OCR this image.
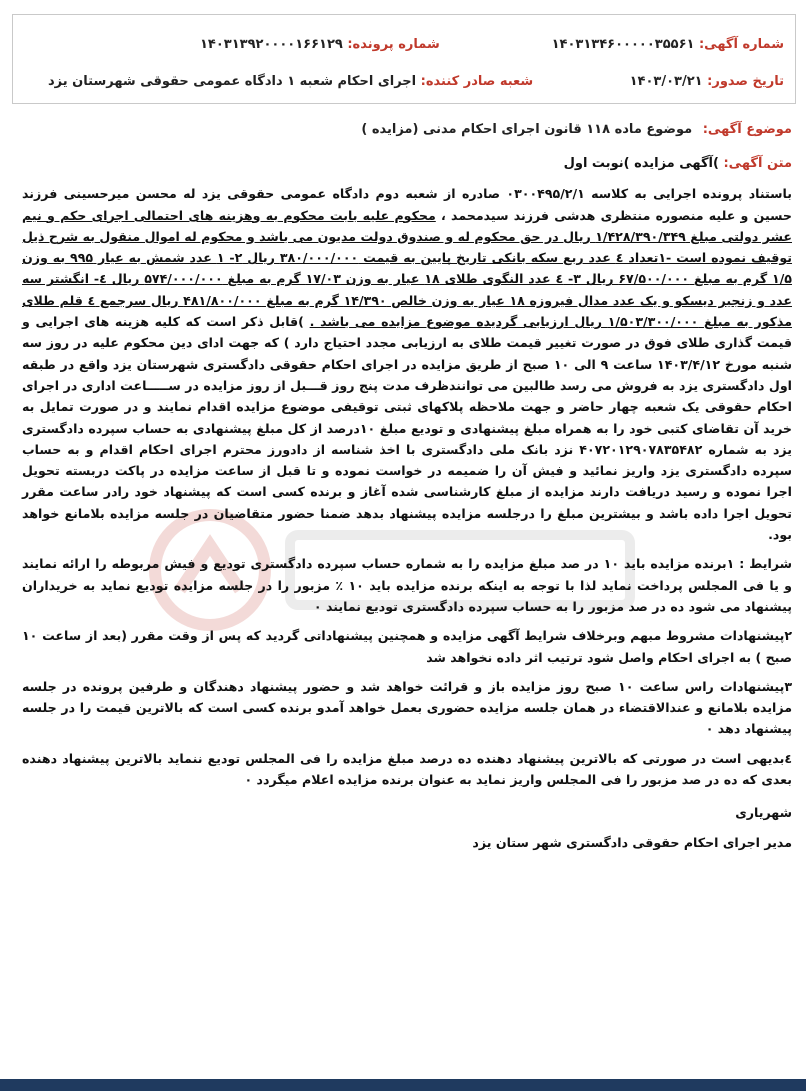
شماره آگهی: ۱۴۰۳۱۳۴۶۰۰۰۰۰۳۵۵۶۱
شماره پرونده: ۱۴۰۳۱۳۹۲۰۰۰۰۱۶۶۱۲۹
تاریخ صدور: ۱۴۰۳/۰۳/۲۱
شعبه صادر کننده: اجرای احکام شعبه ۱ دادگاه عمومی حقوقی شهرستان یزد
موضوع آگهی: موضوع ماده ۱۱۸ قانون اجرای احکام مدنی (مزایده )

متن آگهی: )آگهی مزایده )نوبت اول

باستناد پرونده اجرایی به کلاسه ۰۳۰۰۴۹۵/۲/۱ صادره از شعبه دوم دادگاه عمومی حقوقی یزد له محسن میرحسینی فرزند حسین و علیه منصوره منتظری هدشی فرزند سیدمحمد ، محکوم علیه بابت محکوم به وهزینه های احتمالی اجرای حکم و نیم عشر دولتی مبلغ ۱/۴۲۸/۳۹۰/۳۴۹ ریال در حق محکوم له و صندوق دولت مدیون می باشد و محکوم له اموال منقول به شرح ذیل توقیف نموده است -۱تعداد ٤ عدد ربع سکه بانکی تاریخ پایین به قیمت ۳۸۰/۰۰۰/۰۰۰ ریال ۲- ۱ عدد شمش به عیار ۹۹۵ به وزن ۱/۵ گرم به مبلغ ۶۷/۵۰۰/۰۰۰ ریال ۳- ٤ عدد النگوی طلای ۱۸ عیار به وزن ۱۷/۰۳ گرم به مبلغ ۵۷۴/۰۰۰/۰۰۰ ریال ٤- انگشتر سه عدد و زنجیر دیسکو و یک عدد مدال فیروزه ۱۸ عیار به وزن خالص ۱۴/۳۹۰ گرم به مبلغ ۴۸۱/۸۰۰/۰۰۰ ریال سرجمع ٤ قلم طلای مذکور به مبلغ ۱/۵۰۳/۳۰۰/۰۰۰ ریال ارزیابی گردیده موضوع مزایده می باشد . )قابل ذکر است که کلیه هزینه های اجرایی و قیمت گذاری طلای فوق در صورت تغییر قیمت طلای به ارزیابی مجدد احتیاج دارد ) که جهت ادای دین محکوم علیه در روز سه شنبه مورخ ۱۴۰۳/۴/۱۲ ساعت ۹ الی ۱۰ صبح از طریق مزایده در اجرای احکام حقوقی دادگستری شهرستان یزد واقع در طبقه اول دادگستری یزد به فروش می رسد طالبین می توانندظرف مدت پنج روز قـــبل از روز مزایده در ســـــاعت اداری در اجرای احکام حقوقی یک شعبه چهار حاضر و جهت ملاحظه پلاکهای ثبتی توقیفی موضوع مزایده اقدام نمایند و در صورت تمایل به خرید آن تقاضای کتبی خود را به همراه مبلغ پیشنهادی و تودیع مبلغ ۱۰درصد از کل مبلغ پیشنهادی به حساب سپرده دادگستری یزد به شماره ۴۰۷۲۰۱۲۹۰۷۸۳۵۴۸۲ نزد بانک ملی دادگستری با اخذ شناسه از دادورز محترم اجرای احکام اقدام و به حساب سپرده دادگستری یزد واریز نمائید و فیش آن را ضمیمه در خواست نموده و تا قبل از ساعت مزایده در پاکت دربسته تحویل اجرا نموده و رسید دریافت دارند مزایده از مبلغ کارشناسی شده آغاز و برنده کسی است که پیشنهاد خود رادر ساعت مقرر تحویل اجرا داده باشد و بیشترین مبلغ را درجلسه مزایده پیشنهاد بدهد ضمنا حضور متقاضیان در جلسه مزایده بلامانع خواهد بود.

شرایط : ۱برنده مزایده باید ۱۰ در صد مبلغ مزایده را به شماره حساب سپرده دادگستری تودیع و فیش مربوطه را ارائه نمایند و یا فی المجلس پرداخت نماید لذا با توجه به اینکه برنده مزایده باید ۱۰ ٪ مزبور را در جلسه مزایده تودیع نماید به خریداران پیشنهاد می شود ده در صد مزبور را به حساب سپرده دادگستری تودیع نمایند ۰

۲پیشنهادات مشروط مبهم وبرخلاف شرایط آگهی مزایده و همچنین پیشنهاداتی گردید که پس از وقت مقرر (بعد از ساعت ۱۰ صبح ) به اجرای احکام واصل شود ترتیب اثر داده نخواهد شد

۳پیشنهادات راس ساعت ۱۰ صبح روز مزایده باز و قرائت خواهد شد و حضور پیشنهاد دهندگان و طرفین پرونده در جلسه مزایده بلامانع و عندالاقتضاء در همان جلسه مزایده حضوری بعمل خواهد آمدو برنده کسی است که بالاترین قیمت را در جلسه پیشنهاد دهد ۰

٤بدیهی است در صورتی که بالاترین پیشنهاد دهنده ده درصد مبلغ مزایده را فی المجلس تودیع ننماید بالاترین پیشنهاد دهنده بعدی که ده در صد مزبور را فی المجلس واریز نماید به عنوان برنده مزایده اعلام میگردد ۰

شهریاری

مدیر اجرای احکام حقوقی دادگستری شهر ستان یزد
